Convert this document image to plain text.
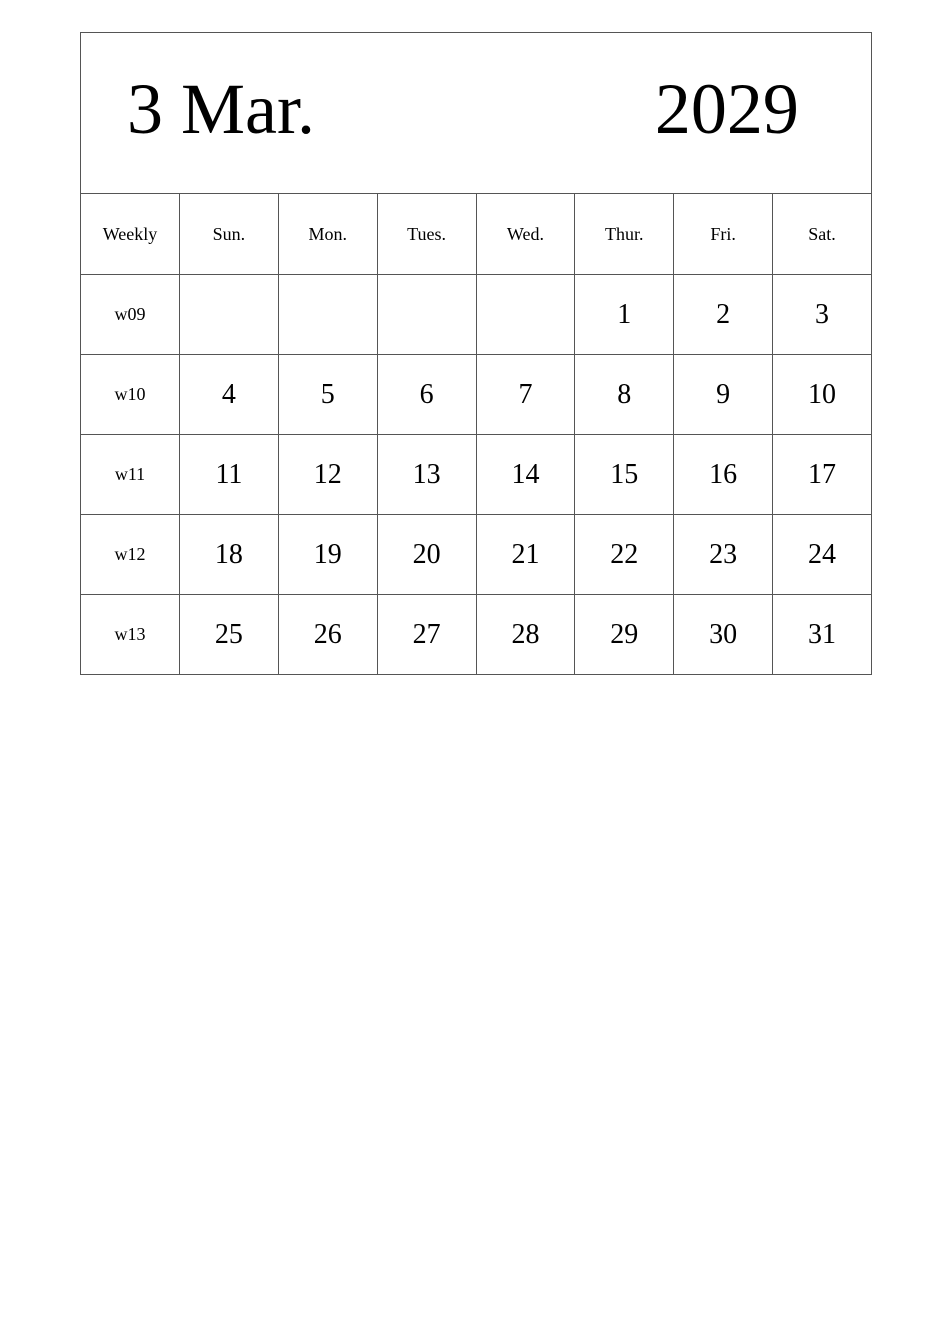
3 Mar. 2029							

Weekly	Sun.	Mon.	Tues.	Wed.	Thur.	Fri.	Sat.
w09					1	2	3
w10	4	5	6	7	8	9	10
w11	11	12	13	14	15	16	17
w12	18	19	20	21	22	23	24
w13	25	26	27	28	29	30	31
